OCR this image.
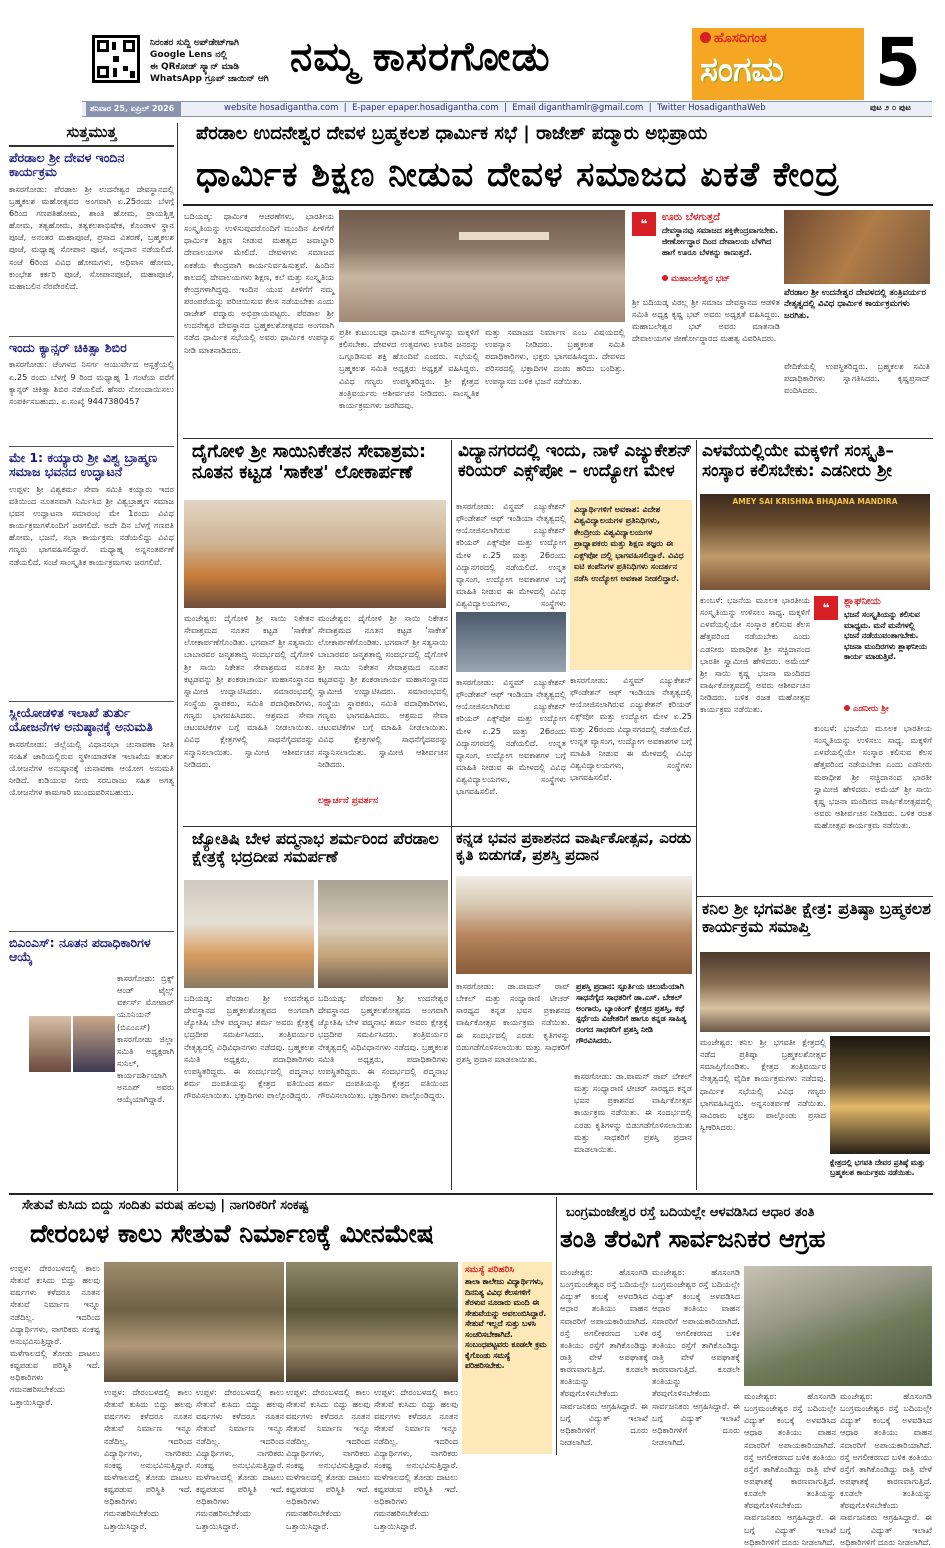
ನಿರಂತರ ಸುದ್ದಿ ಅಪ್‌ಡೇಟ್‌ಗಾಗಿ
Google Lens ನಲ್ಲಿ
ಈ QRಕೋಡ್ ಸ್ಕ್ಯಾನ್ ಮಾಡಿ
WhatsApp ಗ್ರೂಪ್ ಜಾಯಿನ್ ಆಗಿ ನಮ್ಮ ಕಾಸರಗೋಡು	ಹೊಸದಿಗಂತ
ಸಂಗಮ 5
ಶನಿವಾರ 25, ಏಪ್ರಿಲ್ 2026	website hosadigantha.com  |  E-paper epaper.hosadigantha.com  |  Email diganthamlr@gmail.com  |  Twitter HosadiganthaWeb	ಪುಟ ೨ ೦ ಪುಟ
ಸುತ್ತಮುತ್ತ
ಪೆರಡಾಲ ಶ್ರೀ ದೇವಳ ಇಂದಿನ ಕಾರ್ಯಕ್ರಮ
ಕಾಸರಗೋಡು: ಪೆರಡಾಲ ಶ್ರೀ ಉದನೇಶ್ವರ ದೇವಸ್ಥಾನದಲ್ಲಿ ಬ್ರಹ್ಮಕಲಶ ಮಹೋತ್ಸವದ ಅಂಗವಾಗಿ ಏ.25ರಂದು ಬೆಳಗ್ಗೆ 6ರಿಂದ ಗಣಪತಿಹೋಮ, ಶಾಂತಿ ಹೋಮ, ಪ್ರಾಯಶ್ಚಿತ್ತ ಹೋಮ, ತತ್ವಹೋಮ, ತತ್ವಕಲಶಾಭಿಷೇಕ, ಕೊಂಡಾಳ ಸ್ಥಾನ ಪೂಜೆ, ಅನಂತರ ಮಹಾಪೂಜೆ, ಪ್ರಸಾದ ವಿತರಣೆ, ಬ್ರಹ್ಮಕಲಶ ಪೂಜೆ, ಮಧ್ಯಾಹ್ನ ಸೋಪಾನ ಪೂಜೆ, ಅನ್ನದಾನ ನಡೆಯಲಿದೆ. ಸಂಜೆ 6ರಿಂದ ವಿವಿಧ ಹೋಮಗಳು, ಅಧಿವಾಸ ಹೋಮ, ಕುಂಭೇಶ ಕರ್ಕರಿ ಪೂಜೆ, ಸೋಪಾನಪೂಜೆ, ಮಹಾಪೂಜೆ, ಮಹಾಬಲಿನ ನೆರವೇರಲಿದೆ.
ಇಂದು ಕ್ಯಾನ್ಸರ್ ಚಿಕಿತ್ಸಾ ಶಿಬಿರ
ಕಾಸರಗೋಡು: ಚೆಂಗಳದ ನಿಸರ್ಗ ಆಯುರ್ವೇದ ಆಸ್ಪತ್ರೆಯಲ್ಲಿ ಏ.25 ರಂದು ಬೆಳಗ್ಗೆ 9 ರಿಂದ ಮಧ್ಯಾಹ್ನ 1 ಗಂಟೆಯ ವರೆಗೆ ಕ್ಯಾನ್ಸರ್ ಚಿಕಿತ್ಸಾ ಶಿಬಿರ ನಡೆಯಲಿದೆ. ಹೆಸರು ನೋಂದಾಯಿಸಲು ಸಂಪರ್ಕಿಸಬಹುದು. ಏ.ಸಂಖ್ಯೆ 9447380457
ಮೇ 1: ಕಯ್ಯಾರು ಶ್ರೀ ವಿಶ್ವ ಬ್ರಾಹ್ಮಣ ಸಮಾಜ ಭವನದ ಉದ್ಘಾಟನೆ
ಉಪ್ಪಳ: ಶ್ರೀ ವಿಶ್ವಕರ್ಮ ಸೇವಾ ಸಮಿತಿ ಕಯ್ಯಾರು ಇದರ ವತಿಯಿಂದ ನೂತನವಾಗಿ ನಿರ್ಮಿಸಿದ ಶ್ರೀ ವಿಶ್ವಬ್ರಾಹ್ಮಣ ಸಮಾಜ ಭವನ ಉದ್ಘಾಟನಾ ಸಮಾರಂಭ ಮೇ 1ರಂದು ವಿವಿಧ ಕಾರ್ಯಕ್ರಮಗಳೊಂದಿಗೆ ಜರಗಲಿದೆ. ಅದೇ ದಿನ ಬೆಳಗ್ಗೆ ಗಣಪತಿ ಹೋಮ, ಭಜನೆ, ಸಭಾ ಕಾರ್ಯಕ್ರಮ ನಡೆಯಲಿದ್ದು ವಿವಿಧ ಗಣ್ಯರು ಭಾಗವಹಿಸಲಿದ್ದಾರೆ. ಮಧ್ಯಾಹ್ನ ಅನ್ನಸಂತರ್ಪಣೆ ನಡೆಯಲಿದೆ. ಸಂಜೆ ಸಾಂಸ್ಕೃತಿಕ ಕಾರ್ಯಕ್ರಮಗಳು ಜರಗಲಿವೆ.
ಸ್ಲೀಯೋಡಳಿತ ಇಲಾಖೆ ತುರ್ತು ಯೋಜನೆಗಳ ಅನುಷ್ಠಾನಕ್ಕೆ ಅನುಮತಿ
ಕಾಸರಗೋಡು: ಜಿಲ್ಲೆಯಲ್ಲಿ ವಿಧಾನಸಭಾ ಚುನಾವಣಾ ನೀತಿ ಸಂಹಿತೆ ಜಾರಿಯಲ್ಲಿರುವ ಸ್ಥಳೀಯಾಡಳಿತ ಇಲಾಖೆಯ ತುರ್ತು ಯೋಜನೆಗಳ ಅನುಷ್ಠಾನಕ್ಕೆ ಚುನಾವಣಾ ಆಯೋಗ ಅನುಮತಿ ನೀಡಿದೆ. ಕುಡಿಯುವ ನೀರು ಸರಬರಾಜು ಸಹಿತ ಅಗತ್ಯ ಯೋಜನೆಗಳ ಕಾಮಗಾರಿ ಮುಂದುವರಿಸಬಹುದು.
ಬಿಎಂಎಸ್: ನೂತನ ಪದಾಧಿಕಾರಿಗಳ ಆಯ್ಕೆ
ಕಾಸರಗೋಡು: ಬ್ರಿಕ್ಸ್ ಆಂಡ್ ಟೈಲ್ಸ್ ವರ್ಕರ್ಸ್ ಮೋಟಾರ್ ಯೂನಿಯನ್ (ಬಿಎಂಎಸ್) ಕಾಸರಗೋಡು ಜಿಲ್ಲಾ ಸಮಿತಿ ಅಧ್ಯಕ್ಷರಾಗಿ ಸುನಿಲ್, ಕಾರ್ಯದರ್ಶಿಯಾಗಿ ಅನೂಪ್ ಅವರು ಆಯ್ಕೆಯಾಗಿದ್ದಾರೆ.
ಪೆರಡಾಲ ಉದನೇಶ್ವರ ದೇವಳ ಬ್ರಹ್ಮಕಲಶ ಧಾರ್ಮಿಕ ಸಭೆ | ರಾಜೇಶ್ ಪದ್ಮಾರು ಅಭಿಪ್ರಾಯ
ಧಾರ್ಮಿಕ ಶಿಕ್ಷಣ ನೀಡುವ ದೇವಳ ಸಮಾಜದ ಏಕತೆ ಕೇಂದ್ರ
ಬದಿಯಡ್ಕ: ಧಾರ್ಮಿಕ ಆಚರಣೆಗಳು, ಭಾರತೀಯ ಸಂಸ್ಕೃತಿಯನ್ನು ಉಳಿಸುವುದರೊಂದಿಗೆ ಮುಂದಿನ ಪೀಳಿಗೆಗೆ ಧಾರ್ಮಿಕ ಶಿಕ್ಷಣ ನೀಡುವ ಮಹತ್ವದ ಜವಾಬ್ದಾರಿ ದೇವಾಲಯಗಳ ಮೇಲಿದೆ. ದೇವಳಗಳು ಸಮಾಜದ ಏಕತೆಯ ಕೇಂದ್ರವಾಗಿ ಕಾರ್ಯನಿರ್ವಹಿಸುತ್ತವೆ. ಹಿಂದಿನ ಕಾಲದಲ್ಲಿ ದೇವಾಲಯಗಳು ಶಿಕ್ಷಣ, ಕಲೆ ಮತ್ತು ಸಂಸ್ಕೃತಿಯ ಕೇಂದ್ರಗಳಾಗಿದ್ದವು. ಇಂದಿನ ಯುವ ಪೀಳಿಗೆಗೆ ನಮ್ಮ ಪರಂಪರೆಯನ್ನು ಪರಿಚಯಿಸುವ ಕೆಲಸ ನಡೆಯಬೇಕು ಎಂದು ರಾಜೇಶ್ ಪದ್ಮಾರು ಅಭಿಪ್ರಾಯಪಟ್ಟರು. ಪೆರಡಾಲ ಶ್ರೀ ಉದನೇಶ್ವರ ದೇವಸ್ಥಾನದ ಬ್ರಹ್ಮಕಲಶೋತ್ಸವದ ಅಂಗವಾಗಿ ನಡೆದ ಧಾರ್ಮಿಕ ಸಭೆಯಲ್ಲಿ ಅವರು ಧಾರ್ಮಿಕ ಉಪನ್ಯಾಸ ನೀಡಿ ಮಾತನಾಡಿದರು.
ಪ್ರತೀ ಕುಟುಂಬವೂ ಧಾರ್ಮಿಕ ಮೌಲ್ಯಗಳನ್ನು ಮಕ್ಕಳಿಗೆ ಕಲಿಸಬೇಕು. ದೇವಳದ ಉತ್ಸವಗಳು ಊರಿನ ಜನರನ್ನು ಒಗ್ಗೂಡಿಸುವ ಶಕ್ತಿ ಹೊಂದಿವೆ ಎಂದರು. ಸಭೆಯಲ್ಲಿ ಬ್ರಹ್ಮಕಲಶ ಸಮಿತಿ ಅಧ್ಯಕ್ಷರು ಅಧ್ಯಕ್ಷತೆ ವಹಿಸಿದ್ದರು. ವಿವಿಧ ಗಣ್ಯರು ಉಪಸ್ಥಿತರಿದ್ದರು. ಶ್ರೀ ಕ್ಷೇತ್ರದ ತಂತ್ರಿವರ್ಯರು ಆಶೀರ್ವಚನ ನೀಡಿದರು. ಸಾಂಸ್ಕೃತಿಕ ಕಾರ್ಯಕ್ರಮಗಳು ಜರಗಿದವು.
ಮತ್ತು ಸಮಾಜದ ನಿರ್ಮಾಣ ಎಂಬ ವಿಷಯದಲ್ಲಿ ಉಪನ್ಯಾಸ ನೀಡಿದರು. ಬ್ರಹ್ಮಕಲಶ ಸಮಿತಿ ಪದಾಧಿಕಾರಿಗಳು, ಭಕ್ತರು ಭಾಗವಹಿಸಿದ್ದರು. ದೇವಳದ ಪರಿಸರದಲ್ಲಿ ಭಕ್ತಾದಿಗಳ ದಂಡು ಹರಿದು ಬಂದಿತ್ತು. ಉಪನ್ಯಾಸದ ಬಳಿಕ ಭಜನೆ ನಡೆಯಿತು.
❝	ಊರು ಬೆಳಗುತ್ತದೆ
ದೇವಸ್ಥಾನವು ಸಮಾಜದ ಶಕ್ತಿಕೇಂದ್ರವಾಗಬೇಕು. ಜೀರ್ಣೋದ್ಧಾರ ದಿಂದ ದೇವಾಲಯ ಬೆಳಗಿದ ಹಾಗೆ ಊರೂ ಬೆಳಕನ್ನು ಕಾಣುತ್ತದೆ.
ಮಹಾಬಲೇಶ್ವರ ಭಟ್
ಶ್ರೀ ಬದಿಯಡ್ಕ ವಿಠಲ್ಲ ಶ್ರೀ ಸಮಾಜ ದೇವಸ್ಥಾನದ ಆಡಳಿತ ಸಮಿತಿ ಅಧ್ಯಕ್ಷ ಕೃಷ್ಣ ಭಟ್ ಅವರು ಅಧ್ಯಕ್ಷತೆ ವಹಿಸಿದ್ದರು. ಮಹಾಬಲೇಶ್ವರ ಭಟ್ ಅವರು ಮಾತನಾಡಿ ದೇವಾಲಯಗಳ ಜೀರ್ಣೋದ್ಧಾರದ ಮಹತ್ವ ವಿವರಿಸಿದರು.
ಪೆರಡಾಲ ಶ್ರೀ ಉದನೇಶ್ವರ ದೇವಳದಲ್ಲಿ ತಂತ್ರಿವರ್ಯರ ನೇತೃತ್ವದಲ್ಲಿ ವಿವಿಧ ಧಾರ್ಮಿಕ ಕಾರ್ಯಕ್ರಮಗಳು ಜರಗಿತು.
ವೇದಿಕೆಯಲ್ಲಿ ಉಪಸ್ಥಿತರಿದ್ದರು. ಬ್ರಹ್ಮಕಲಶ ಸಮಿತಿ ಪದಾಧಿಕಾರಿಗಳು ಸ್ವಾಗತಿಸಿದರು. ಕೃಷ್ಣಪ್ರಸಾದ್ ವಂದಿಸಿದರು.
ದೈಗೋಳಿ ಶ್ರೀ ಸಾಯಿನಿಕೇತನ ಸೇವಾಶ್ರಮ: ನೂತನ ಕಟ್ಟಡ 'ಸಾಕೇತ' ಲೋಕಾರ್ಪಣೆ
ಮಂಜೇಶ್ವರ: ದೈಗೋಳಿ ಶ್ರೀ ಸಾಯಿ ನಿಕೇತನ ಸೇವಾಶ್ರಮದ ನೂತನ ಕಟ್ಟಡ 'ಸಾಕೇತ' ಲೋಕಾರ್ಪಣೆಗೊಂಡಿತು. ಭಗವಾನ್ ಶ್ರೀ ಸತ್ಯಸಾಯಿ ಬಾಬಾರವರ ಜನ್ಮಶತಾಬ್ದಿ ಸಂದರ್ಭದಲ್ಲಿ ದೈಗೋಳಿ ಶ್ರೀ ಸಾಯಿ ನಿಕೇತನ ಸೇವಾಶ್ರಮದ ನೂತನ ಕಟ್ಟಡವನ್ನು ಶ್ರೀ ಶಂಕರಾಚಾರ್ಯ ಮಹಾಸಂಸ್ಥಾನದ ಸ್ವಾಮೀಜಿ ಉದ್ಘಾಟಿಸಿದರು. ಸಮಾರಂಭದಲ್ಲಿ ಸಂಸ್ಥೆಯ ಸ್ಥಾಪಕರು, ಸಮಿತಿ ಪದಾಧಿಕಾರಿಗಳು, ಗಣ್ಯರು ಭಾಗವಹಿಸಿದರು. ಆಶ್ರಮದ ಸೇವಾ ಚಟುವಟಿಕೆಗಳ ಬಗ್ಗೆ ಮಾಹಿತಿ ನೀಡಲಾಯಿತು. ವಿವಿಧ ಕ್ಷೇತ್ರಗಳಲ್ಲಿ ಸಾಧನೆಗೈದವರನ್ನು ಸನ್ಮಾನಿಸಲಾಯಿತು. ಸ್ವಾಮೀಜಿ ಆಶೀರ್ವಚನ ನೀಡಿದರು.
ಮಂಜೇಶ್ವರ: ದೈಗೋಳಿ ಶ್ರೀ ಸಾಯಿ ನಿಕೇತನ ಸೇವಾಶ್ರಮದ ನೂತನ ಕಟ್ಟಡ 'ಸಾಕೇತ' ಲೋಕಾರ್ಪಣೆಗೊಂಡಿತು. ಭಗವಾನ್ ಶ್ರೀ ಸತ್ಯಸಾಯಿ ಬಾಬಾರವರ ಜನ್ಮಶತಾಬ್ದಿ ಸಂದರ್ಭದಲ್ಲಿ ದೈಗೋಳಿ ಶ್ರೀ ಸಾಯಿ ನಿಕೇತನ ಸೇವಾಶ್ರಮದ ನೂತನ ಕಟ್ಟಡವನ್ನು ಶ್ರೀ ಶಂಕರಾಚಾರ್ಯ ಮಹಾಸಂಸ್ಥಾನದ ಸ್ವಾಮೀಜಿ ಉದ್ಘಾಟಿಸಿದರು. ಸಮಾರಂಭದಲ್ಲಿ ಸಂಸ್ಥೆಯ ಸ್ಥಾಪಕರು, ಸಮಿತಿ ಪದಾಧಿಕಾರಿಗಳು, ಗಣ್ಯರು ಭಾಗವಹಿಸಿದರು. ಆಶ್ರಮದ ಸೇವಾ ಚಟುವಟಿಕೆಗಳ ಬಗ್ಗೆ ಮಾಹಿತಿ ನೀಡಲಾಯಿತು. ವಿವಿಧ ಕ್ಷೇತ್ರಗಳಲ್ಲಿ ಸಾಧನೆಗೈದವರನ್ನು ಸನ್ಮಾನಿಸಲಾಯಿತು. ಸ್ವಾಮೀಜಿ ಆಶೀರ್ವಚನ ನೀಡಿದರು.
ಲಕ್ಷಾರ್ಚನೆ ಪ್ರವರ್ತನ
ವಿದ್ಯಾನಗರದಲ್ಲಿ ಇಂದು, ನಾಳೆ ಎಜ್ಯುಕೇಶನ್ ಕರಿಯರ್ ಎಕ್ಸ್‌ಪೋ – ಉದ್ಯೋಗ ಮೇಳ
ಕಾಸರಗೋಡು: ವಿಸ್ಡಮ್ ಎಜ್ಯುಕೇಶನ್ ಫೌಂಡೇಶನ್ ಆಫ್ ಇಂಡಿಯಾ ನೇತೃತ್ವದಲ್ಲಿ ಆಯೋಜಿಸಲಾಗಿರುವ ಎಜ್ಯುಕೇಶನ್ ಕರಿಯರ್ ಎಕ್ಸ್‌ಪೋ ಮತ್ತು ಉದ್ಯೋಗ ಮೇಳ ಏ.25 ಮತ್ತು 26ರಂದು ವಿದ್ಯಾನಗರದಲ್ಲಿ ನಡೆಯಲಿದೆ. ಉನ್ನತ ವ್ಯಾಸಂಗ, ಉದ್ಯೋಗ ಅವಕಾಶಗಳ ಬಗ್ಗೆ ಮಾಹಿತಿ ನೀಡುವ ಈ ಮೇಳದಲ್ಲಿ ವಿವಿಧ ವಿಶ್ವವಿದ್ಯಾಲಯಗಳು, ಸಂಸ್ಥೆಗಳು
ವಿದ್ಯಾರ್ಥಿಗಳಿಗೆ ಅವಕಾಶ: ವಿದೇಶ ವಿಶ್ವವಿದ್ಯಾಲಯಗಳ ಪ್ರತಿನಿಧಿಗಳು, ಕೇಂದ್ರೀಯ ವಿಶ್ವವಿದ್ಯಾಲಯಗಳ ಪ್ರಾಧ್ಯಾಪಕರು ಮತ್ತು ಶಿಕ್ಷಣ ತಜ್ಞರು ಈ ಎಕ್ಸ್‌ಪೋ ದಲ್ಲಿ ಭಾಗವಹಿಸಲಿದ್ದಾರೆ. ವಿವಿಧ ಐಟಿ ಕಂಪೆನಿಗಳ ಪ್ರತಿನಿಧಿಗಳು ಸಂದರ್ಶನ ನಡೆಸಿ ಉದ್ಯೋಗ ಅವಕಾಶ ನೀಡಲಿದ್ದಾರೆ.
ಕಾಸರಗೋಡು: ವಿಸ್ಡಮ್ ಎಜ್ಯುಕೇಶನ್ ಫೌಂಡೇಶನ್ ಆಫ್ ಇಂಡಿಯಾ ನೇತೃತ್ವದಲ್ಲಿ ಆಯೋಜಿಸಲಾಗಿರುವ ಎಜ್ಯುಕೇಶನ್ ಕರಿಯರ್ ಎಕ್ಸ್‌ಪೋ ಮತ್ತು ಉದ್ಯೋಗ ಮೇಳ ಏ.25 ಮತ್ತು 26ರಂದು ವಿದ್ಯಾನಗರದಲ್ಲಿ ನಡೆಯಲಿದೆ. ಉನ್ನತ ವ್ಯಾಸಂಗ, ಉದ್ಯೋಗ ಅವಕಾಶಗಳ ಬಗ್ಗೆ ಮಾಹಿತಿ ನೀಡುವ ಈ ಮೇಳದಲ್ಲಿ ವಿವಿಧ ವಿಶ್ವವಿದ್ಯಾಲಯಗಳು, ಸಂಸ್ಥೆಗಳು ಭಾಗವಹಿಸಲಿವೆ.
ಕಾಸರಗೋಡು: ವಿಸ್ಡಮ್ ಎಜ್ಯುಕೇಶನ್ ಫೌಂಡೇಶನ್ ಆಫ್ ಇಂಡಿಯಾ ನೇತೃತ್ವದಲ್ಲಿ ಆಯೋಜಿಸಲಾಗಿರುವ ಎಜ್ಯುಕೇಶನ್ ಕರಿಯರ್ ಎಕ್ಸ್‌ಪೋ ಮತ್ತು ಉದ್ಯೋಗ ಮೇಳ ಏ.25 ಮತ್ತು 26ರಂದು ವಿದ್ಯಾನಗರದಲ್ಲಿ ನಡೆಯಲಿದೆ. ಉನ್ನತ ವ್ಯಾಸಂಗ, ಉದ್ಯೋಗ ಅವಕಾಶಗಳ ಬಗ್ಗೆ ಮಾಹಿತಿ ನೀಡುವ ಈ ಮೇಳದಲ್ಲಿ ವಿವಿಧ ವಿಶ್ವವಿದ್ಯಾಲಯಗಳು, ಸಂಸ್ಥೆಗಳು ಭಾಗವಹಿಸಲಿವೆ.
ಎಳವೆಯಲ್ಲಿಯೇ ಮಕ್ಕಳಿಗೆ ಸಂಸ್ಕೃತಿ– ಸಂಸ್ಕಾರ ಕಲಿಸಬೇಕು: ಎಡನೀರು ಶ್ರೀ
AMEY SAI KRISHNA BHAJANA MANDIRA
ಕುಂಬಳೆ: ಭಜನೆಯ ಮೂಲಕ ಭಾರತೀಯ ಸಂಸ್ಕೃತಿಯನ್ನು ಉಳಿಸಲು ಸಾಧ್ಯ. ಮಕ್ಕಳಿಗೆ ಎಳವೆಯಲ್ಲಿಯೇ ಸಂಸ್ಕಾರ ಕಲಿಸುವ ಕೆಲಸ ಹೆತ್ತವರಿಂದ ನಡೆಯಬೇಕು ಎಂದು ಎಡನೀರು ಮಠಾಧೀಶ ಶ್ರೀ ಸಚ್ಚಿದಾನಂದ ಭಾರತೀ ಸ್ವಾಮೀಜಿ ಹೇಳಿದರು. ಅಮೆಯ್ ಶ್ರೀ ಸಾಯಿ ಕೃಷ್ಣ ಭಜನಾ ಮಂದಿರದ ವಾರ್ಷಿಕೋತ್ಸವದಲ್ಲಿ ಅವರು ಆಶೀರ್ವಚನ ನೀಡಿದರು. ಬಳಿಕ ರಜತ ಮಹೋತ್ಸವ ಕಾರ್ಯಕ್ರಮ ನಡೆಯಿತು.
❝	ಶ್ಲಾಘನೀಯ
ಭಜನೆ ಸಂಸ್ಕೃತಿಯನ್ನು ಕಲಿಸುವ ಮಾಧ್ಯಮ. ಮನೆ ಮನೆಗಳಲ್ಲಿ ಭಜನೆ ನಡೆಯುವಂತಾಗಬೇಕು. ಭಜನಾ ಮಂದಿರಗಳು ಶ್ಲಾಘನೀಯ ಕಾರ್ಯ ಮಾಡುತ್ತಿವೆ.
ಎಡನೀರು ಶ್ರೀ
ಕುಂಬಳೆ: ಭಜನೆಯ ಮೂಲಕ ಭಾರತೀಯ ಸಂಸ್ಕೃತಿಯನ್ನು ಉಳಿಸಲು ಸಾಧ್ಯ. ಮಕ್ಕಳಿಗೆ ಎಳವೆಯಲ್ಲಿಯೇ ಸಂಸ್ಕಾರ ಕಲಿಸುವ ಕೆಲಸ ಹೆತ್ತವರಿಂದ ನಡೆಯಬೇಕು ಎಂದು ಎಡನೀರು ಮಠಾಧೀಶ ಶ್ರೀ ಸಚ್ಚಿದಾನಂದ ಭಾರತೀ ಸ್ವಾಮೀಜಿ ಹೇಳಿದರು. ಅಮೆಯ್ ಶ್ರೀ ಸಾಯಿ ಕೃಷ್ಣ ಭಜನಾ ಮಂದಿರದ ವಾರ್ಷಿಕೋತ್ಸವದಲ್ಲಿ ಅವರು ಆಶೀರ್ವಚನ ನೀಡಿದರು. ಬಳಿಕ ರಜತ ಮಹೋತ್ಸವ ಕಾರ್ಯಕ್ರಮ ನಡೆಯಿತು.
ಕನ್ನಡ ಭವನ ಪ್ರಕಾಶನದ ವಾರ್ಷಿಕೋತ್ಸವ, ಎರಡು ಕೃತಿ ಬಿಡುಗಡೆ, ಪ್ರಶಸ್ತಿ ಪ್ರದಾನ
ಕಾಸರಗೋಡು: ಡಾ.ವಾಮನ್ ರಾವ್ ಬೇಕಲ್ ಮತ್ತು ಸಂಧ್ಯಾರಾಣಿ ಟೀಚರ್ ಸಾರಥ್ಯದ ಕನ್ನಡ ಭವನ ಪ್ರಕಾಶನದ ವಾರ್ಷಿಕೋತ್ಸವ ಕಾರ್ಯಕ್ರಮ ನಡೆಯಿತು. ಈ ಸಂದರ್ಭದಲ್ಲಿ ಎರಡು ಕೃತಿಗಳನ್ನು ಬಿಡುಗಡೆಗೊಳಿಸಲಾಯಿತು ಮತ್ತು ಸಾಧಕರಿಗೆ ಪ್ರಶಸ್ತಿ ಪ್ರದಾನ ಮಾಡಲಾಯಿತು.
ಪ್ರಶಸ್ತಿ ಪ್ರದಾನ: ಸ್ಫೂರ್ತಿಯ ಚಿಲುಮೆಯಾಗಿ ಸಾಧನೆಗೈದ ಸಾಧಕರಿಗೆ ಡಾ.ಎಸ್. ಬೇಕಲ್ ಅಂಗಾರು, ಬ್ಯಾಂಕಿಂಗ್ ಕ್ಷೇತ್ರದ ಪ್ರಶಸ್ತಿ, ಕಥೆ ಸ್ಪರ್ಧೆಯ ವಿಜೇತರಿಗೆ ಹಾಗೂ ಕನ್ನಡ ಸಾಹಿತ್ಯ ರಂಗದ ಸಾಧಕರಿಗೆ ಪ್ರಶಸ್ತಿ ನೀಡಿ ಗೌರವಿಸಿದರು.
ಕಾಸರಗೋಡು: ಡಾ.ವಾಮನ್ ರಾವ್ ಬೇಕಲ್ ಮತ್ತು ಸಂಧ್ಯಾರಾಣಿ ಟೀಚರ್ ಸಾರಥ್ಯದ ಕನ್ನಡ ಭವನ ಪ್ರಕಾಶನದ ವಾರ್ಷಿಕೋತ್ಸವ ಕಾರ್ಯಕ್ರಮ ನಡೆಯಿತು. ಈ ಸಂದರ್ಭದಲ್ಲಿ ಎರಡು ಕೃತಿಗಳನ್ನು ಬಿಡುಗಡೆಗೊಳಿಸಲಾಯಿತು ಮತ್ತು ಸಾಧಕರಿಗೆ ಪ್ರಶಸ್ತಿ ಪ್ರದಾನ ಮಾಡಲಾಯಿತು.
ಜ್ಯೋತಿಷಿ ಬೇಳ ಪದ್ಮನಾಭ ಶರ್ಮರಿಂದ ಪೆರಡಾಲ ಕ್ಷೇತ್ರಕ್ಕೆ ಭದ್ರದೀಪ ಸಮರ್ಪಣೆ
ಬದಿಯಡ್ಕ: ಪೆರಡಾಲ ಶ್ರೀ ಉದನೇಶ್ವರ ದೇವಸ್ಥಾನದ ಬ್ರಹ್ಮಕಲಶೋತ್ಸವದ ಅಂಗವಾಗಿ ಜ್ಯೋತಿಷಿ ಬೇಳ ಪದ್ಮನಾಭ ಶರ್ಮ ಅವರು ಕ್ಷೇತ್ರಕ್ಕೆ ಭದ್ರದೀಪ ಸಮರ್ಪಿಸಿದರು. ತಂತ್ರಿವರ್ಯರ ನೇತೃತ್ವದಲ್ಲಿ ವಿಧಿವಿಧಾನಗಳು ನಡೆದವು. ಬ್ರಹ್ಮಕಲಶ ಸಮಿತಿ ಅಧ್ಯಕ್ಷರು, ಪದಾಧಿಕಾರಿಗಳು ಉಪಸ್ಥಿತರಿದ್ದರು. ಈ ಸಂದರ್ಭದಲ್ಲಿ ಪದ್ಮನಾಭ ಶರ್ಮ ದಂಪತಿಯನ್ನು ಕ್ಷೇತ್ರದ ವತಿಯಿಂದ ಗೌರವಿಸಲಾಯಿತು. ಭಕ್ತಾದಿಗಳು ಪಾಲ್ಗೊಂಡಿದ್ದರು.
ಬದಿಯಡ್ಕ: ಪೆರಡಾಲ ಶ್ರೀ ಉದನೇಶ್ವರ ದೇವಸ್ಥಾನದ ಬ್ರಹ್ಮಕಲಶೋತ್ಸವದ ಅಂಗವಾಗಿ ಜ್ಯೋತಿಷಿ ಬೇಳ ಪದ್ಮನಾಭ ಶರ್ಮ ಅವರು ಕ್ಷೇತ್ರಕ್ಕೆ ಭದ್ರದೀಪ ಸಮರ್ಪಿಸಿದರು. ತಂತ್ರಿವರ್ಯರ ನೇತೃತ್ವದಲ್ಲಿ ವಿಧಿವಿಧಾನಗಳು ನಡೆದವು. ಬ್ರಹ್ಮಕಲಶ ಸಮಿತಿ ಅಧ್ಯಕ್ಷರು, ಪದಾಧಿಕಾರಿಗಳು ಉಪಸ್ಥಿತರಿದ್ದರು. ಈ ಸಂದರ್ಭದಲ್ಲಿ ಪದ್ಮನಾಭ ಶರ್ಮ ದಂಪತಿಯನ್ನು ಕ್ಷೇತ್ರದ ವತಿಯಿಂದ ಗೌರವಿಸಲಾಯಿತು. ಭಕ್ತಾದಿಗಳು ಪಾಲ್ಗೊಂಡಿದ್ದರು.
ಕನಿಲ ಶ್ರೀ ಭಗವತೀ ಕ್ಷೇತ್ರ: ಪ್ರತಿಷ್ಠಾ ಬ್ರಹ್ಮಕಲಶ ಕಾರ್ಯಕ್ರಮ ಸಮಾಪ್ತಿ
ಮಂಜೇಶ್ವರ: ಕನಿಲ ಶ್ರೀ ಭಗವತೀ ಕ್ಷೇತ್ರದಲ್ಲಿ ನಡೆದ ಪ್ರತಿಷ್ಠಾ ಬ್ರಹ್ಮಕಲಶೋತ್ಸವ ಸಮಾಪ್ತಿಗೊಂಡಿತು. ಕ್ಷೇತ್ರದ ತಂತ್ರಿವರ್ಯರ ನೇತೃತ್ವದಲ್ಲಿ ವೈದಿಕ ಕಾರ್ಯಕ್ರಮಗಳು ನಡೆದವು. ಧಾರ್ಮಿಕ ಸಭೆಯಲ್ಲಿ ವಿವಿಧ ಗಣ್ಯರು ಭಾಗವಹಿಸಿದ್ದರು. ಅನ್ನಸಂತರ್ಪಣೆ ನಡೆಯಿತು. ಸಾವಿರಾರು ಭಕ್ತರು ಪಾಲ್ಗೊಂಡು ಪ್ರಸಾದ ಸ್ವೀಕರಿಸಿದರು.
ಕ್ಷೇತ್ರದಲ್ಲಿ ಭಗವತಿ ದೇವರ ಪ್ರತಿಷ್ಠೆ ಮತ್ತು ಬ್ರಹ್ಮಕಲಶ ಕಾರ್ಯಕ್ರಮ ನಡೆಯಿತು.
ಸೇತುವೆ ಕುಸಿದು ಬಿದ್ದು ಸಂದಿತು ವರುಷ ಹಲವು | ನಾಗರಿಕರಿಗೆ ಸಂಕಷ್ಟ
ದೇರಂಬಳ ಕಾಲು ಸೇತುವೆ ನಿರ್ಮಾಣಕ್ಕೆ ಮೀನಮೇಷ
ಉಪ್ಪಳ: ದೇರಂಬಳದಲ್ಲಿ ಕಾಲು ಸೇತುವೆ ಕುಸಿದು ಬಿದ್ದು ಹಲವು ವರ್ಷಗಳು ಕಳೆದರೂ ನೂತನ ಸೇತುವೆ ನಿರ್ಮಾಣ ಇನ್ನೂ ನಡೆದಿಲ್ಲ. ಇದರಿಂದ ವಿದ್ಯಾರ್ಥಿಗಳು, ನಾಗರಿಕರು ಸಂಕಷ್ಟ ಅನುಭವಿಸುತ್ತಿದ್ದಾರೆ. ಮಳೆಗಾಲದಲ್ಲಿ ತೋಡು ದಾಟಲು ಕಷ್ಟಪಡುವ ಪರಿಸ್ಥಿತಿ ಇದೆ. ಅಧಿಕಾರಿಗಳು ಗಮನಹರಿಸಬೇಕೆಂದು ಒತ್ತಾಯಿಸಿದ್ದಾರೆ.
ಉಪ್ಪಳ: ದೇರಂಬಳದಲ್ಲಿ ಕಾಲು ಸೇತುವೆ ಕುಸಿದು ಬಿದ್ದು ಹಲವು ವರ್ಷಗಳು ಕಳೆದರೂ ನೂತನ ಸೇತುವೆ ನಿರ್ಮಾಣ ಇನ್ನೂ ನಡೆದಿಲ್ಲ. ಇದರಿಂದ ವಿದ್ಯಾರ್ಥಿಗಳು, ನಾಗರಿಕರು ಸಂಕಷ್ಟ ಅನುಭವಿಸುತ್ತಿದ್ದಾರೆ. ಮಳೆಗಾಲದಲ್ಲಿ ತೋಡು ದಾಟಲು ಕಷ್ಟಪಡುವ ಪರಿಸ್ಥಿತಿ ಇದೆ. ಅಧಿಕಾರಿಗಳು ಗಮನಹರಿಸಬೇಕೆಂದು ಒತ್ತಾಯಿಸಿದ್ದಾರೆ.
ಉಪ್ಪಳ: ದೇರಂಬಳದಲ್ಲಿ ಕಾಲು ಸೇತುವೆ ಕುಸಿದು ಬಿದ್ದು ಹಲವು ವರ್ಷಗಳು ಕಳೆದರೂ ನೂತನ ಸೇತುವೆ ನಿರ್ಮಾಣ ಇನ್ನೂ ನಡೆದಿಲ್ಲ. ಇದರಿಂದ ವಿದ್ಯಾರ್ಥಿಗಳು, ನಾಗರಿಕರು ಸಂಕಷ್ಟ ಅನುಭವಿಸುತ್ತಿದ್ದಾರೆ. ಮಳೆಗಾಲದಲ್ಲಿ ತೋಡು ದಾಟಲು ಕಷ್ಟಪಡುವ ಪರಿಸ್ಥಿತಿ ಇದೆ. ಅಧಿಕಾರಿಗಳು ಗಮನಹರಿಸಬೇಕೆಂದು ಒತ್ತಾಯಿಸಿದ್ದಾರೆ.
ಉಪ್ಪಳ: ದೇರಂಬಳದಲ್ಲಿ ಕಾಲು ಸೇತುವೆ ಕುಸಿದು ಬಿದ್ದು ಹಲವು ವರ್ಷಗಳು ಕಳೆದರೂ ನೂತನ ಸೇತುವೆ ನಿರ್ಮಾಣ ಇನ್ನೂ ನಡೆದಿಲ್ಲ. ಇದರಿಂದ ವಿದ್ಯಾರ್ಥಿಗಳು, ನಾಗರಿಕರು ಸಂಕಷ್ಟ ಅನುಭವಿಸುತ್ತಿದ್ದಾರೆ. ಮಳೆಗಾಲದಲ್ಲಿ ತೋಡು ದಾಟಲು ಕಷ್ಟಪಡುವ ಪರಿಸ್ಥಿತಿ ಇದೆ. ಅಧಿಕಾರಿಗಳು ಗಮನಹರಿಸಬೇಕೆಂದು ಒತ್ತಾಯಿಸಿದ್ದಾರೆ.
ಉಪ್ಪಳ: ದೇರಂಬಳದಲ್ಲಿ ಕಾಲು ಸೇತುವೆ ಕುಸಿದು ಬಿದ್ದು ಹಲವು ವರ್ಷಗಳು ಕಳೆದರೂ ನೂತನ ಸೇತುವೆ ನಿರ್ಮಾಣ ಇನ್ನೂ ನಡೆದಿಲ್ಲ. ಇದರಿಂದ ವಿದ್ಯಾರ್ಥಿಗಳು, ನಾಗರಿಕರು ಸಂಕಷ್ಟ ಅನುಭವಿಸುತ್ತಿದ್ದಾರೆ. ಮಳೆಗಾಲದಲ್ಲಿ ತೋಡು ದಾಟಲು ಕಷ್ಟಪಡುವ ಪರಿಸ್ಥಿತಿ ಇದೆ. ಅಧಿಕಾರಿಗಳು ಗಮನಹರಿಸಬೇಕೆಂದು ಒತ್ತಾಯಿಸಿದ್ದಾರೆ.
ಸಮಸ್ಯೆ ಪರಿಹರಿಸಿ
ಶಾಲಾ ಕಾಲೇಜು ವಿದ್ಯಾರ್ಥಿಗಳು, ದಿನನಿತ್ಯ ವಿವಿಧ ಕೆಲಸಗಳಿಗೆ ತೆರಳುವ ನೂರಾರು ಮಂದಿ ಈ ಸೇತುವೆಯನ್ನು ಅವಲಂಬಿಸಿದ್ದಾರೆ. ಸೇತುವೆ ಇಲ್ಲದೆ ಸುತ್ತು ಬಳಸಿ ಸಂಚರಿಸಬೇಕಾಗಿದೆ. ಸಂಬಂಧಪಟ್ಟವರು ಕೂಡಲೇ ಕ್ರಮ ಕೈಗೊಂಡು ಸಮಸ್ಯೆ ಪರಿಹರಿಸಬೇಕು.
ಬಂಗ್ರಮಂಜೇಶ್ವರ ರಸ್ತೆ ಬದಿಯಲ್ಲೇ ಆಳವಡಿಸಿದ ಆಧಾರ ತಂತಿ
ತಂತಿ ತೆರವಿಗೆ ಸಾರ್ವಜನಿಕರ ಆಗ್ರಹ
ಮಂಜೇಶ್ವರ: ಹೊಸಂಗಡಿ ಬಂಗ್ರಮಂಜೇಶ್ವರ ರಸ್ತೆ ಬದಿಯಲ್ಲೇ ವಿದ್ಯುತ್ ಕಂಬಕ್ಕೆ ಅಳವಡಿಸಿದ ಆಧಾರ ತಂತಿಯು ವಾಹನ ಸವಾರರಿಗೆ ಅಪಾಯಕಾರಿಯಾಗಿದೆ. ರಸ್ತೆ ಅಗಲೀಕರಣದ ಬಳಿಕ ತಂತಿಯು ರಸ್ತೆಗೆ ತಾಗಿಕೊಂಡಿದ್ದು ರಾತ್ರಿ ವೇಳೆ ಅಪಘಾತಕ್ಕೆ ಕಾರಣವಾಗುತ್ತಿದೆ. ಕೂಡಲೇ ತಂತಿಯನ್ನು ತೆರವುಗೊಳಿಸಬೇಕೆಂದು ಸಾರ್ವಜನಿಕರು ಆಗ್ರಹಿಸಿದ್ದಾರೆ. ಈ ಬಗ್ಗೆ ವಿದ್ಯುತ್ ಇಲಾಖೆ ಅಧಿಕಾರಿಗಳಿಗೆ ದೂರು ನೀಡಲಾಗಿದೆ.
ಮಂಜೇಶ್ವರ: ಹೊಸಂಗಡಿ ಬಂಗ್ರಮಂಜೇಶ್ವರ ರಸ್ತೆ ಬದಿಯಲ್ಲೇ ವಿದ್ಯುತ್ ಕಂಬಕ್ಕೆ ಅಳವಡಿಸಿದ ಆಧಾರ ತಂತಿಯು ವಾಹನ ಸವಾರರಿಗೆ ಅಪಾಯಕಾರಿಯಾಗಿದೆ. ರಸ್ತೆ ಅಗಲೀಕರಣದ ಬಳಿಕ ತಂತಿಯು ರಸ್ತೆಗೆ ತಾಗಿಕೊಂಡಿದ್ದು ರಾತ್ರಿ ವೇಳೆ ಅಪಘಾತಕ್ಕೆ ಕಾರಣವಾಗುತ್ತಿದೆ. ಕೂಡಲೇ ತಂತಿಯನ್ನು ತೆರವುಗೊಳಿಸಬೇಕೆಂದು ಸಾರ್ವಜನಿಕರು ಆಗ್ರಹಿಸಿದ್ದಾರೆ. ಈ ಬಗ್ಗೆ ವಿದ್ಯುತ್ ಇಲಾಖೆ ಅಧಿಕಾರಿಗಳಿಗೆ ದೂರು ನೀಡಲಾಗಿದೆ.
ಮಂಜೇಶ್ವರ: ಹೊಸಂಗಡಿ ಬಂಗ್ರಮಂಜೇಶ್ವರ ರಸ್ತೆ ಬದಿಯಲ್ಲೇ ವಿದ್ಯುತ್ ಕಂಬಕ್ಕೆ ಅಳವಡಿಸಿದ ಆಧಾರ ತಂತಿಯು ವಾಹನ ಸವಾರರಿಗೆ ಅಪಾಯಕಾರಿಯಾಗಿದೆ. ರಸ್ತೆ ಅಗಲೀಕರಣದ ಬಳಿಕ ತಂತಿಯು ರಸ್ತೆಗೆ ತಾಗಿಕೊಂಡಿದ್ದು ರಾತ್ರಿ ವೇಳೆ ಅಪಘಾತಕ್ಕೆ ಕಾರಣವಾಗುತ್ತಿದೆ. ಕೂಡಲೇ ತಂತಿಯನ್ನು ತೆರವುಗೊಳಿಸಬೇಕೆಂದು ಸಾರ್ವಜನಿಕರು ಆಗ್ರಹಿಸಿದ್ದಾರೆ. ಈ ಬಗ್ಗೆ ವಿದ್ಯುತ್ ಇಲಾಖೆ ಅಧಿಕಾರಿಗಳಿಗೆ ದೂರು ನೀಡಲಾಗಿದೆ.
ಮಂಜೇಶ್ವರ: ಹೊಸಂಗಡಿ ಬಂಗ್ರಮಂಜೇಶ್ವರ ರಸ್ತೆ ಬದಿಯಲ್ಲೇ ವಿದ್ಯುತ್ ಕಂಬಕ್ಕೆ ಅಳವಡಿಸಿದ ಆಧಾರ ತಂತಿಯು ವಾಹನ ಸವಾರರಿಗೆ ಅಪಾಯಕಾರಿಯಾಗಿದೆ. ರಸ್ತೆ ಅಗಲೀಕರಣದ ಬಳಿಕ ತಂತಿಯು ರಸ್ತೆಗೆ ತಾಗಿಕೊಂಡಿದ್ದು ರಾತ್ರಿ ವೇಳೆ ಅಪಘಾತಕ್ಕೆ ಕಾರಣವಾಗುತ್ತಿದೆ. ಕೂಡಲೇ ತಂತಿಯನ್ನು ತೆರವುಗೊಳಿಸಬೇಕೆಂದು ಸಾರ್ವಜನಿಕರು ಆಗ್ರಹಿಸಿದ್ದಾರೆ. ಈ ಬಗ್ಗೆ ವಿದ್ಯುತ್ ಇಲಾಖೆ ಅಧಿಕಾರಿಗಳಿಗೆ ದೂರು ನೀಡಲಾಗಿದೆ.
